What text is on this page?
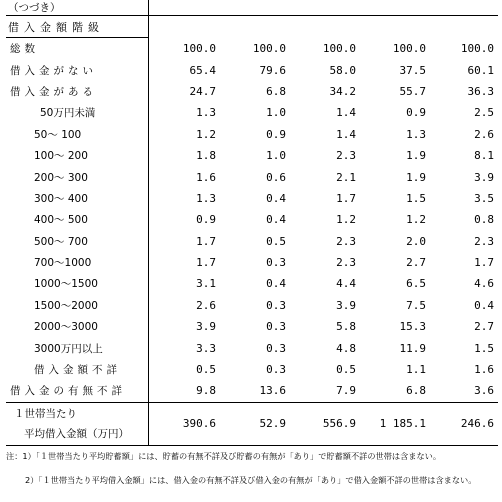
（つづき）					
借入金額階級					
総数	100.0	100.0	100.0	100.0	100.0
借入金がない	65.4	79.6	58.0	37.5	60.1
借入金がある	24.7	6.8	34.2	55.7	36.3
50万円未満	1.3	1.0	1.4	0.9	2.5
50～ 100	1.2	0.9	1.4	1.3	2.6
100～ 200	1.8	1.0	2.3	1.9	8.1
200～ 300	1.6	0.6	2.1	1.9	3.9
300～ 400	1.3	0.4	1.7	1.5	3.5
400～ 500	0.9	0.4	1.2	1.2	0.8
500～ 700	1.7	0.5	2.3	2.0	2.3
700～1000	1.7	0.3	2.3	2.7	1.7
1000～1500	3.1	0.4	4.4	6.5	4.6
1500～2000	2.6	0.3	3.9	7.5	0.4
2000～3000	3.9	0.3	5.8	15.3	2.7
3000万円以上	3.3	0.3	4.8	11.9	1.5
借入金額不詳	0.5	0.3	0.5	1.1	1.6
借入金の有無不詳	9.8	13.6	7.9	6.8	3.6

１世帯当たり
平均借入金額（万円）	390.6	52.9	556.9	1 185.1	246.6
注：1）「１世帯当たり平均貯蓄額」には、貯蓄の有無不詳及び貯蓄の有無が「あり」で貯蓄額不詳の世帯は含まない。
2）「１世帯当たり平均借入金額」には、借入金の有無不詳及び借入金の有無が「あり」で借入金額不詳の世帯は含まない。
